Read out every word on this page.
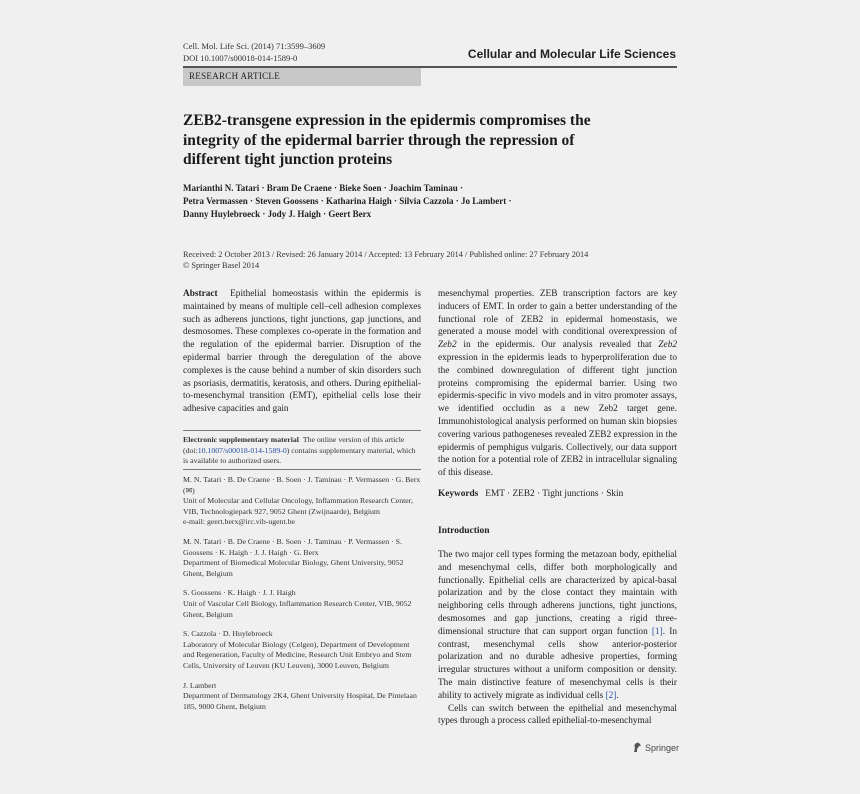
Cell. Mol. Life Sci. (2014) 71:3599–3609
DOI 10.1007/s00018-014-1589-0	Cellular and Molecular Life Sciences
RESEARCH ARTICLE
ZEB2-transgene expression in the epidermis compromises the integrity of the epidermal barrier through the repression of different tight junction proteins
Marianthi N. Tatari · Bram De Craene · Bieke Soen · Joachim Taminau ·
Petra Vermassen · Steven Goossens · Katharina Haigh · Silvia Cazzola · Jo Lambert ·
Danny Huylebroeck · Jody J. Haigh · Geert Berx
Received: 2 October 2013 / Revised: 26 January 2014 / Accepted: 13 February 2014 / Published online: 27 February 2014
© Springer Basel 2014
Abstract Epithelial homeostasis within the epidermis is maintained by means of multiple cell–cell adhesion complexes such as adherens junctions, tight junctions, gap junctions, and desmosomes. These complexes co-operate in the formation and the regulation of the epidermal barrier. Disruption of the epidermal barrier through the deregulation of the above complexes is the cause behind a number of skin disorders such as psoriasis, dermatitis, keratosis, and others. During epithelial-to-mesenchymal transition (EMT), epithelial cells lose their adhesive capacities and gain
Electronic supplementary material The online version of this article (doi:10.1007/s00018-014-1589-0) contains supplementary material, which is available to authorized users.
M. N. Tatari · B. De Craene · B. Soen · J. Taminau · P. Vermassen · G. Berx (✉)
Unit of Molecular and Cellular Oncology, Inflammation Research Center, VIB, Technologiepark 927, 9052 Ghent (Zwijnaarde), Belgium
e-mail: geert.berx@irc.vib-ugent.be
M. N. Tatari · B. De Craene · B. Soen · J. Taminau · P. Vermassen · S. Goossens · K. Haigh · J. J. Haigh · G. Berx
Department of Biomedical Molecular Biology, Ghent University, 9052 Ghent, Belgium
S. Goossens · K. Haigh · J. J. Haigh
Unit of Vascular Cell Biology, Inflammation Research Center, VIB, 9052 Ghent, Belgium
S. Cazzola · D. Huylebroeck
Laboratory of Molecular Biology (Celgen), Department of Development and Regeneration, Faculty of Medicine, Research Unit Embryo and Stem Cells, University of Leuven (KU Leuven), 3000 Leuven, Belgium
J. Lambert
Department of Dermatology 2K4, Ghent University Hospital, De Pintelaan 185, 9000 Ghent, Belgium
mesenchymal properties. ZEB transcription factors are key inducers of EMT. In order to gain a better understanding of the functional role of ZEB2 in epidermal homeostasis, we generated a mouse model with conditional overexpression of Zeb2 in the epidermis. Our analysis revealed that Zeb2 expression in the epidermis leads to hyperproliferation due to the combined downregulation of different tight junction proteins compromising the epidermal barrier. Using two epidermis-specific in vivo models and in vitro promoter assays, we identified occludin as a new Zeb2 target gene. Immunohistological analysis performed on human skin biopsies covering various pathogeneses revealed ZEB2 expression in the epidermis of pemphigus vulgaris. Collectively, our data support the notion for a potential role of ZEB2 in intracellular signaling of this disease.
Keywords EMT · ZEB2 · Tight junctions · Skin
Introduction

The two major cell types forming the metazoan body, epithelial and mesenchymal cells, differ both morphologically and functionally. Epithelial cells are characterized by apical-basal polarization and by the close contact they maintain with neighboring cells through adherens junctions, tight junctions, desmosomes and gap junctions, creating a rigid three-dimensional structure that can support organ function [1]. In contrast, mesenchymal cells show anterior-posterior polarization and no durable adhesive properties, forming irregular structures without a uniform composition or density. The main distinctive feature of mesenchymal cells is their ability to actively migrate as individual cells [2].

Cells can switch between the epithelial and mesenchymal types through a process called epithelial-to-mesenchymal

Springer
